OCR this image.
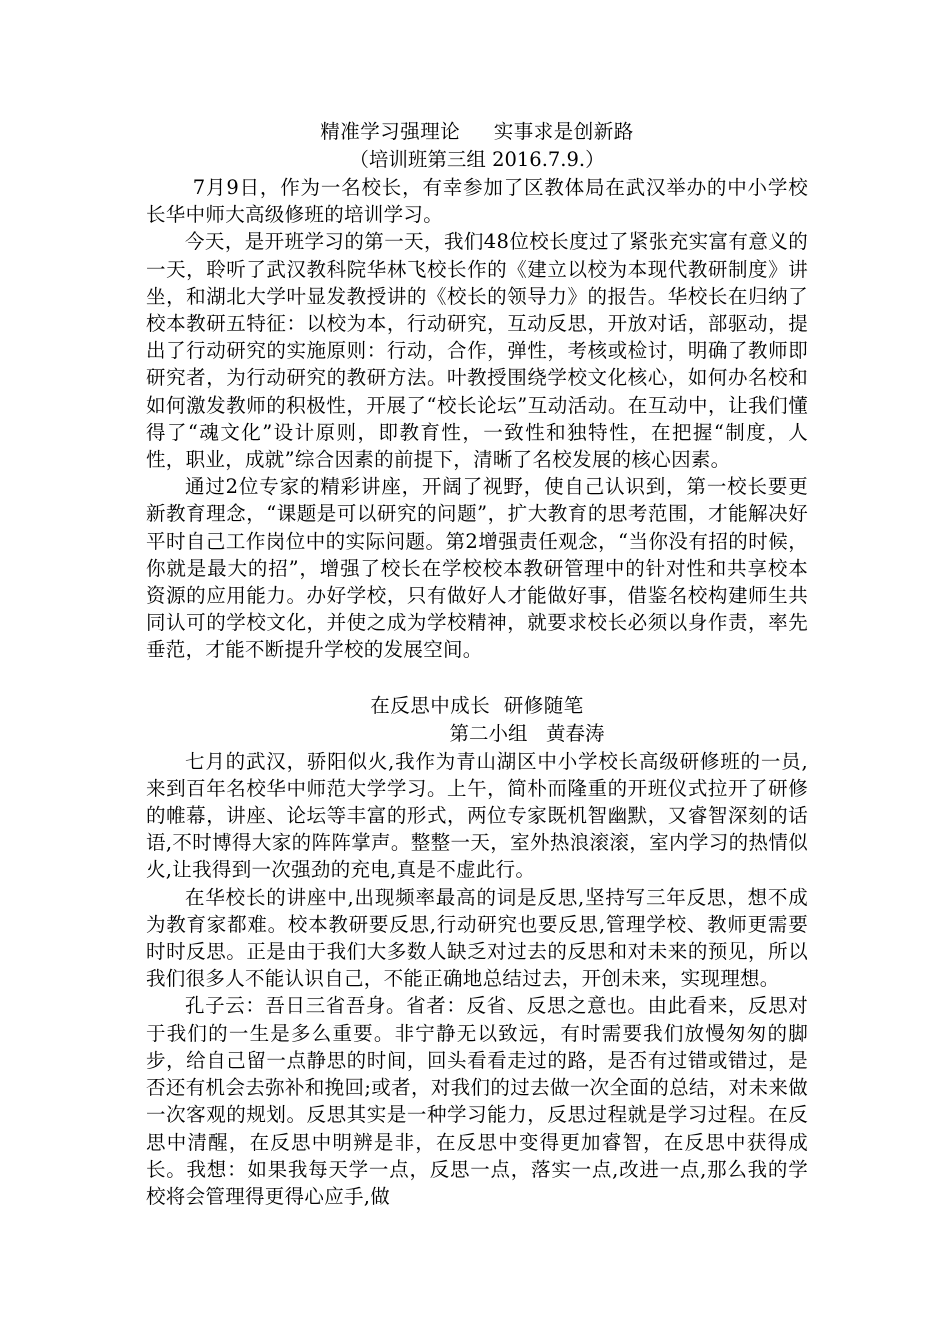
精准学习强理论     实事求是创新路
（培训班第三组 2016.7.9.）

7月9日，作为一名校长，有幸参加了区教体局在武汉举办的中小学校长华中师大高级修班的培训学习。

今天，是开班学习的第一天，我们48位校长度过了紧张充实富有意义的一天，聆听了武汉教科院华林飞校长作的《建立以校为本现代教研制度》讲坐，和湖北大学叶显发教授讲的《校长的领导力》的报告。华校长在归纳了校本教研五特征：以校为本，行动研究，互动反思，开放对话，部驱动，提出了行动研究的实施原则：行动，合作，弹性，考核或检讨，明确了教师即研究者，为行动研究的教研方法。叶教授围绕学校文化核心，如何办名校和如何激发教师的积极性，开展了“校长论坛”互动活动。在互动中，让我们懂得了“魂文化”设计原则，即教育性，一致性和独特性，在把握“制度，人性，职业，成就”综合因素的前提下，清晰了名校发展的核心因素。

通过2位专家的精彩讲座，开阔了视野，使自己认识到，第一校长要更新教育理念，“课题是可以研究的问题”，扩大教育的思考范围，才能解决好平时自己工作岗位中的实际问题。第2增强责任观念，“当你没有招的时候，你就是最大的招”，增强了校长在学校校本教研管理中的针对性和共享校本资源的应用能力。办好学校，只有做好人才能做好事，借鉴名校构建师生共同认可的学校文化，并使之成为学校精神，就要求校长必须以身作责，率先垂范，才能不断提升学校的发展空间。

在反思中成长  研修随笔
第二小组   黄春涛

七月的武汉，骄阳似火,我作为青山湖区中小学校长高级研修班的一员,来到百年名校华中师范大学学习。上午，简朴而隆重的开班仪式拉开了研修的帷幕，讲座、论坛等丰富的形式，两位专家既机智幽默，又睿智深刻的话语,不时博得大家的阵阵掌声。整整一天，室外热浪滚滚，室内学习的热情似火,让我得到一次强劲的充电,真是不虚此行。

在华校长的讲座中,出现频率最高的词是反思,坚持写三年反思，想不成为教育家都难。校本教研要反思,行动研究也要反思,管理学校、教师更需要时时反思。正是由于我们大多数人缺乏对过去的反思和对未来的预见，所以我们很多人不能认识自己，不能正确地总结过去，开创未来，实现理想。

孔子云：吾日三省吾身。省者：反省、反思之意也。由此看来，反思对于我们的一生是多么重要。非宁静无以致远，有时需要我们放慢匆匆的脚步，给自己留一点静思的时间，回头看看走过的路，是否有过错或错过，是否还有机会去弥补和挽回;或者，对我们的过去做一次全面的总结，对未来做一次客观的规划。反思其实是一种学习能力，反思过程就是学习过程。在反思中清醒，在反思中明辨是非，在反思中变得更加睿智，在反思中获得成长。我想：如果我每天学一点，反思一点，落实一点,改进一点,那么我的学校将会管理得更得心应手,做
